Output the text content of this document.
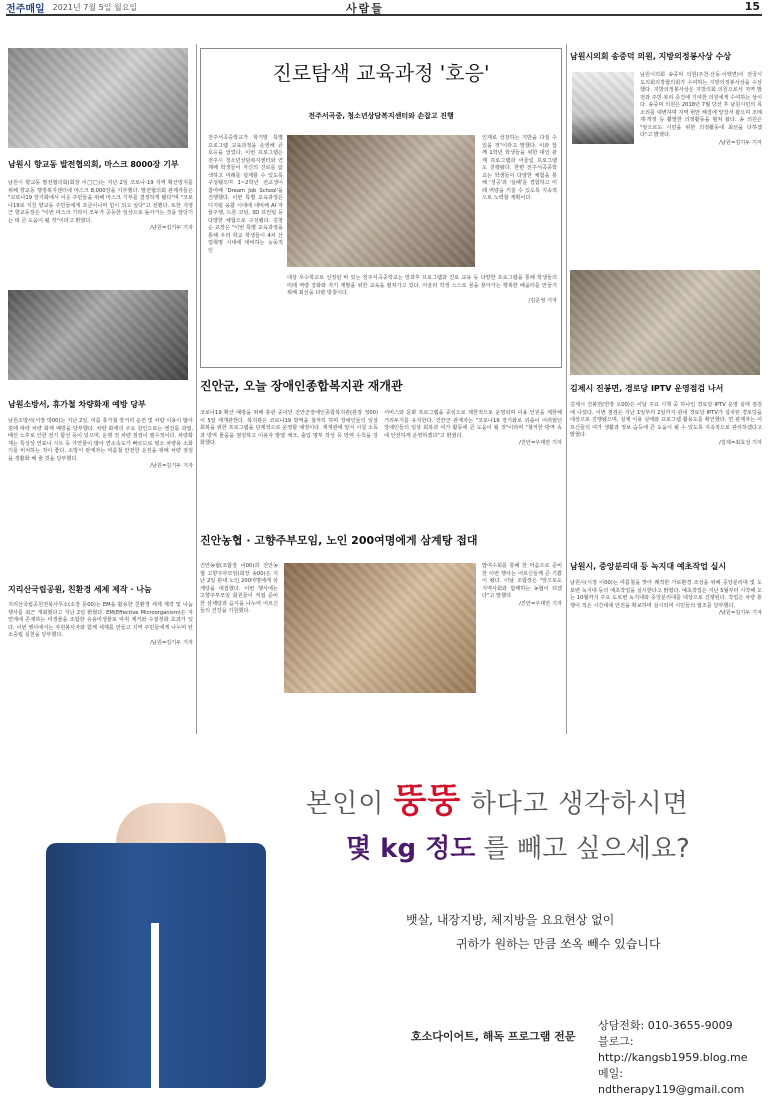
전주매일 2021년 7월 5일 월요일	사람들	15
남원시 향교동 발전협의회, 마스크 8000장 기부
남원시 향교동 발전협의회(회장 이□□)는 지난 2일 코로나-19 지역 확산방지를 위해 향교동 행정복지센터에 마스크 8,000장을 기부했다. 발전협의회 관계자들은 "코로나19 장기화에서 이웃 주민들을 위해 마스크 기부를 결정하게 됐다"며 "코로나19로 지친 향교동 주민들에게 조금이나마 힘이 되고 싶다"고 전했다. 또한 지영근 향교동장은 "이번 마스크 기탁이 모두가 공동한 일상으로 돌아가는 것을 앞당기는 데 큰 도움이 될 것"이라고 밝혔다.
/남원=김기두 기자
남원소방서, 휴가철 차량화재 예방 당부
남원소방서(서장 박00)는 지난 2일, 여름 휴가철 장거리 운전 및 차량 이용이 많아짐에 따라 차량 화재 예방을 당부했다. 차량 화재의 주요 원인으로는 엔진룸 과열, 배선 노후로 인한 전기 합선 등이 있으며, 운행 전 차량 점검이 필수적이다. 차량화재는 특성상 연료나 시트 등 가연물이 많아 연소속도가 빠르므로 평소 차량용 소화기를 비치하는 것이 좋다. 소방서 관계자는 여름철 안전한 운전을 위해 차량 점검을 생활화 해 줄 것을 당부했다.
/남원=김기두 기자
지리산국립공원, 친환경 세제 제작 · 나눔
지리산국립공원전북사무소(소장 문00)는 EM을 활용한 친환경 세제 제작 및 나눔 행사를 최근 개최했다고 지난 2일 밝혔다. EM(Effective Microorganism)은 자연계에 존재하는 미생물을 조합한 유용미생물로 악취 제거와 수질정화 효과가 있다. 이번 행사에서는 자원봉사자와 함께 세제를 만들고 지역 주민들에게 나누며 탄소중립 실천을 당부했다.
/남원=김기두 기자
진로탐색 교육과정 '호응'
전주서곡중, 청소년상담복지센터와 손잡고 진행
전주서곡중학교가 학기말 특별 프로그램 교육과정을 운영해 큰 호응을 얻었다. 이번 프로그램은 전주시 청소년상담복지센터와 연계해 학생들이 자신의 진로를 탐색하고 미래를 설계할 수 있도록 구성됐으며 1~2학년 전교생이 참여해 'Dream Job School'을 진행했다. 이번 특별 교육과정은 디지털 융합 시대에 대비해 AI 자율주행, 드론 코딩, 3D 프린팅 등 다양한 체험으로 구성됐다. 김창순 교장은 "이번 특별 교육과정을 통해 우리 학교 학생들이 4차 산업혁명 시대에 대비하는 능동적인
인재로 성장하는 기반을 다질 수 있을 것"이라고 말했다. 이와 함께 1학년 학생들을 위한 대인 관계 프로그램과 어울림 프로그램도 진행됐다. 한편 전주서곡중학교는 학생들이 다양한 체험을 통해 '성공'과 '실패'를 경험하고 미래 역량을 키울 수 있도록 지속적으로 노력할 계획이다.
대상 우수학교로 선정된 바 있는 전주서곡중학교는 방과후 프로그램과 진로 교육 등 다양한 프로그램을 통해 학생들의 미래 역량 강화와 자기 계발을 위한 교육을 펼쳐가고 있다. 아울러 학생 스스로 꿈을 찾아가는 행복한 배움터를 만들기 위해 최선을 다할 방침이다.
/김준영 기자
진안군, 오늘 장애인종합복지관 재개관
코로나19 확산 예방을 위해 휴관 중이던 진안군장애인종합복지관(관장 정00)이 5일 재개관한다. 복지관은 코로나19 방역을 철저히 하며 장애인들의 일상 회복을 위한 프로그램을 단계적으로 운영할 예정이다. 재개관에 앞서 시설 소독과 방역 물품을 점검하고 이용자 발열 체크, 출입 명부 작성 등 방역 수칙을 강화했다.
서비스와 문화 프로그램을 중심으로 제한적으로 운영되며 이용 인원을 제한해 거리두기를 유지한다. 진안군 관계자는 "코로나19 장기화로 외출이 어려웠던 장애인들의 일상 회복과 여가 활동에 큰 도움이 될 것"이라며 "철저한 방역 속에 안전하게 운영하겠다"고 밝혔다.
/진안=우태만 기자
진안농협 · 고향주부모임, 노인 200여명에게 삼계탕 접대
진안농협(조합장 이00)과 진안농협 고향주부모임(회장 송00)은 지난 2일 관내 노인 200여명에게 삼계탕을 대접했다. 이번 행사에는 고향주부모임 회원들이 직접 준비한 삼계탕과 음식을 나누며 어르신들의 건강을 기원했다.
밥여수회를 통해 한 마음으로 준비한 이번 행사는 어르신들께 큰 기쁨이 됐다. 이날 조합장은 "앞으로도 지역사회와 함께하는 농협이 되겠다"고 말했다.
/진안=우태만 기자
남원시의회 송중덕 의원, 지방의정봉사상 수상
남원시의회 송중덕 의원(주천·산동·이백면)이 전국시도의회의장협의회가 수여하는 지방의정봉사상을 수상했다. 지방의정봉사상은 지방의회 의원으로서 지역 발전과 주민 복리 증진에 기여한 의원에게 수여하는 상이다. 송중덕 의원은 2018년 7월 당선 후 남원시민의 목소리를 대변하며 지역 현안 해결에 앞장서 왔으며 조례 제·개정 등 활발한 의정활동을 펼쳐 왔다. 송 의원은 "앞으로도 시민을 위한 의정활동에 최선을 다하겠다"고 밝혔다.
/남원=김기두 기자
김제시 진봉면, 경로당 IPTV 운영점검 나서
김제시 진봉면(면장 오00)은 이달 주요 시책 중 하나인 경로당 IPTV 운영 실태 점검에 나섰다. 이번 점검은 지난 1일부터 2일까지 관내 경로당 IPTV가 설치된 경로당을 대상으로 진행됐으며, 실제 이용 실태와 프로그램 활용도를 확인했다. 면 관계자는 어르신들의 여가 생활과 정보 습득에 큰 도움이 될 수 있도록 지속적으로 관리하겠다고 밝혔다.
/김제=최효성 기자
남원시, 중앙분리대 등 녹지대 예초작업 실시
남원시(시장 이00)는 여름철을 맞아 쾌적한 가로환경 조성을 위해 중앙분리대 및 도로변 녹지대 등의 예초작업을 실시한다고 밝혔다. 예초작업은 지난 5월부터 시작해 오는 10월까지 주요 도로변 녹지대와 중앙분리대를 대상으로 진행된다. 작업은 차량 통행이 적은 시간대에 안전을 확보하며 실시되며 시민들의 협조를 당부했다.
/남원=김기두 기자
본인이 뚱뚱 하다고 생각하시면
몇 kg 정도 를 빼고 싶으세요?
뱃살, 내장지방, 체지방을 요요현상 없이
귀하가 원하는 만큼 쏘옥 빼수 있습니다
호소다이어트, 해독 프로그램 전문
상담전화: 010-3655-9009
블로그: http://kangsb1959.blog.me
메일: ndtherapy119@gmail.com
